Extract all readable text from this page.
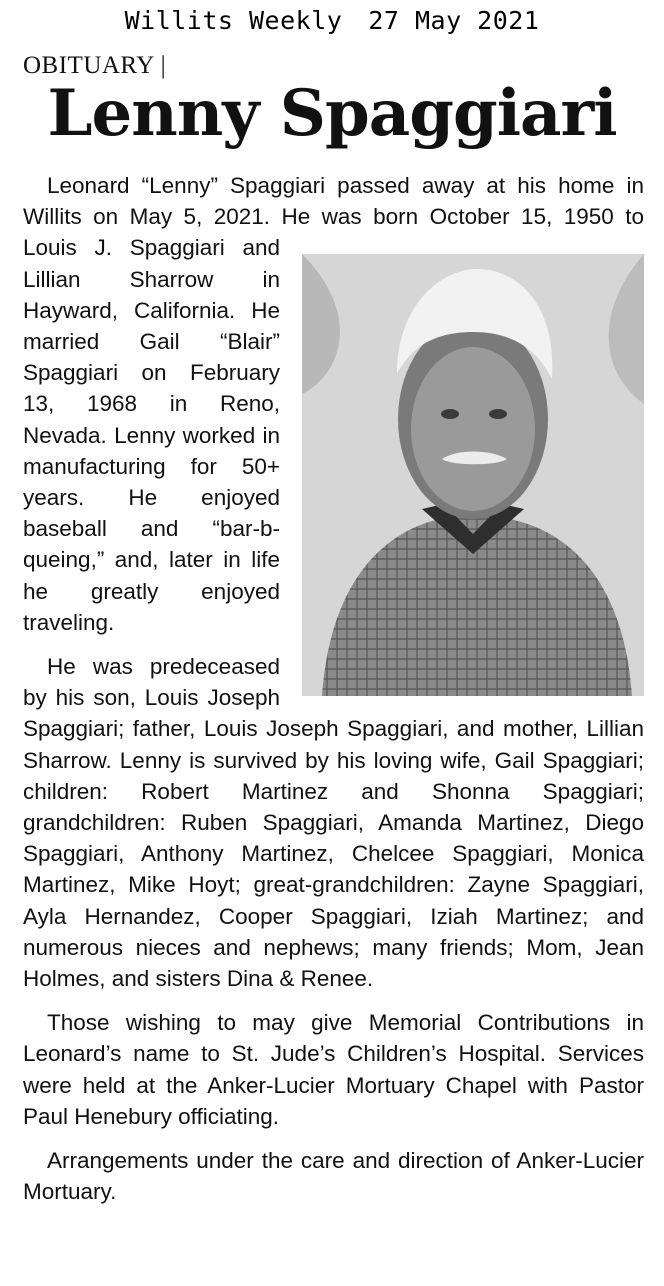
Willits Weekly 27 May 2021
OBITUARY |
Lenny Spaggiari

Leonard “Lenny” Spaggiari passed away at his home in Willits on May 5, 2021. He was born October 15, 1950
to Louis J. Spaggiari and Lillian Sharrow in Hayward, California. He married Gail “Blair” Spaggiari on February 13, 1968 in Reno, Nevada. Lenny worked in manufacturing for 50+ years. He enjoyed baseball and “bar-b-queing,” and, later in life he greatly enjoyed traveling.

He was predeceased by his son, Louis Joseph Spaggiari; father, Louis Joseph Spaggiari, and mother, Lillian Sharrow. Lenny is survived by his loving wife, Gail Spaggiari; children: Robert Martinez and Shonna Spaggiari; grandchildren: Ruben Spaggiari, Amanda Martinez, Diego Spaggiari, Anthony Martinez, Chelcee Spaggiari, Monica Martinez, Mike Hoyt; great-grandchildren: Zayne Spaggiari, Ayla Hernandez, Cooper Spaggiari, Iziah Martinez; and numerous nieces and nephews; many friends; Mom, Jean Holmes, and sisters Dina & Renee.

Those wishing to may give Memorial Contributions in Leonard’s name to St. Jude’s Children’s Hospital. Services were held at the Anker-Lucier Mortuary Chapel with Pastor Paul Henebury officiating.

Arrangements under the care and direction of Anker-Lucier Mortuary.
